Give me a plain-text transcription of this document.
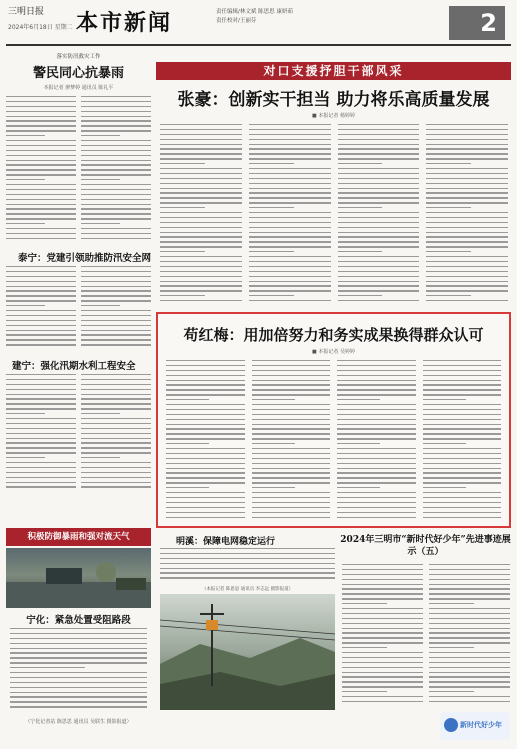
三明日报
2024年6月18日 星期二 本市新闻	责任编辑/林文斌 陈思思 康妍茹
责任校对/王丽芬	2
落实防汛救灾工作
警民同心抗暴雨
本报记者 廖梦婷 通讯员 陈礼平
泰宁：党建引领助推防汛安全网
建宁：强化汛期水利工程安全
积极防御暴雨和强对流天气
宁化：紧急处置受阻路段
（宁化记者站 陈思思 通讯员 吴联生 摄影报道）
对口支援抒胆干部风采
张豪：创新实干担当 助力将乐高质量发展
■ 本报记者 杨婷婷
苟红梅：用加倍努力和务实成果换得群众认可
■ 本报记者 吴婷婷
明溪：保障电网稳定运行
（本报记者 陈思思 通讯员 李志远 摄影报道）
2024年三明市“新时代好少年”先进事迹展示（五）
新时代好少年
